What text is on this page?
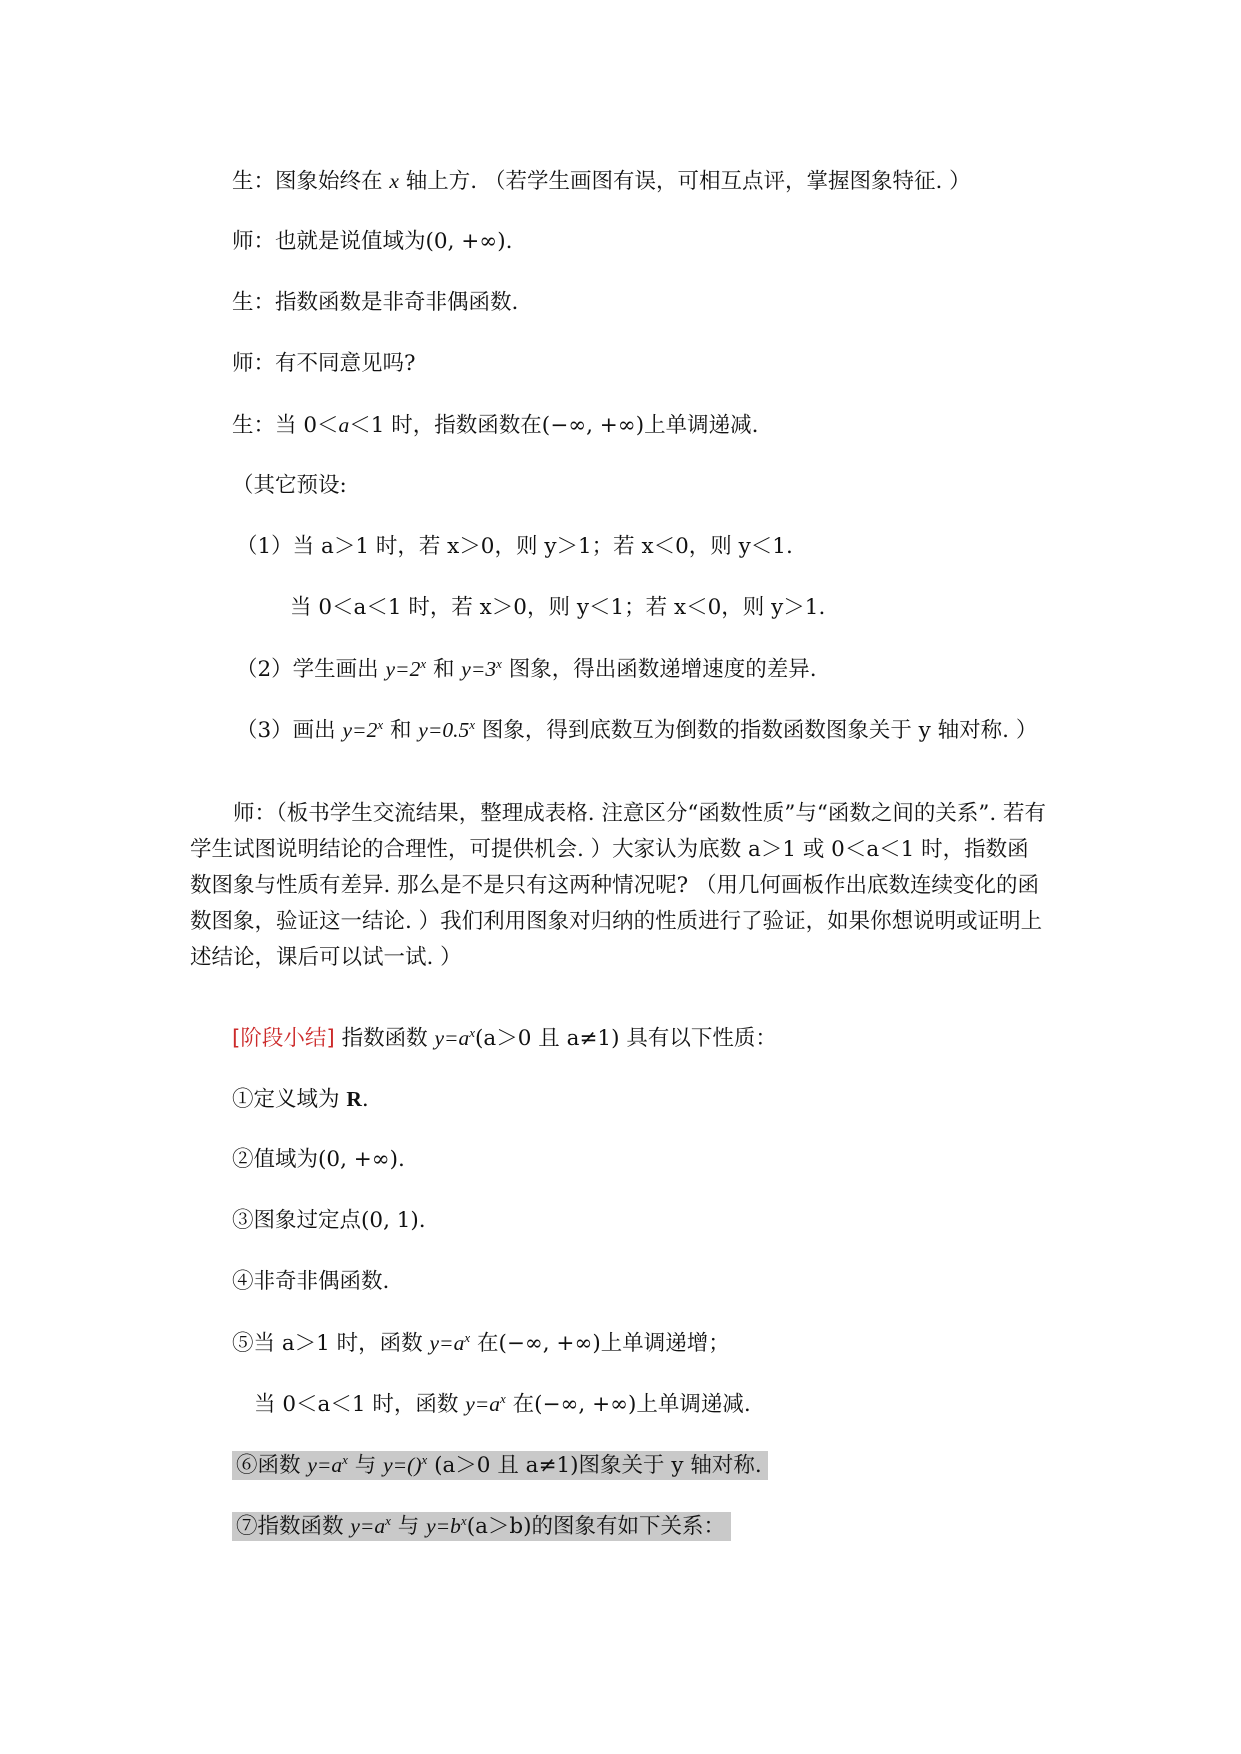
生：图象始终在 x 轴上方. （若学生画图有误，可相互点评，掌握图象特征. ）
师：也就是说值域为(0, +∞).
生：指数函数是非奇非偶函数.
师：有不同意见吗?
生：当 0＜a＜1 时，指数函数在(−∞, +∞)上单调递减.
（其它预设:
（1）当 a＞1 时，若 x＞0，则 y＞1；若 x＜0，则 y＜1.
当 0＜a＜1 时，若 x＞0，则 y＜1；若 x＜0，则 y＞1.
（2）学生画出 $y=2^x$ 和 $y=3^x$ 图象，得出函数递增速度的差异.
（3）画出 $y=2^x$ 和 $y=0.5^x$ 图象，得到底数互为倒数的指数函数图象关于 y 轴对称. ）
师：（板书学生交流结果，整理成表格. 注意区分“函数性质”与“函数之间的关系”. 若有学生试图说明结论的合理性，可提供机会. ）大家认为底数 a＞1 或 0＜a＜1 时，指数函数图象与性质有差异. 那么是不是只有这两种情况呢? （用几何画板作出底数连续变化的函数图象，验证这一结论. ）我们利用图象对归纳的性质进行了验证，如果你想说明或证明上述结论，课后可以试一试. ）
[阶段小结] 指数函数 $y=a^x(a>0$ 且 a≠1) 具有以下性质：
①定义域为 R.
②值域为(0, +∞).
③图象过定点(0, 1).
④非奇非偶函数.
⑤当 a＞1 时，函数 $y=a^x$ 在(−∞, +∞)上单调递增；
当 0＜a＜1 时，函数 $y=a^x$ 在(−∞, +∞)上单调递减.
⑥函数 $y=a^x$ 与 y=()$^x$ (a＞0 且 a≠1)图象关于 y 轴对称.
⑦指数函数 $y=a^x$ 与 $y=b^x(a>b)$的图象有如下关系：
